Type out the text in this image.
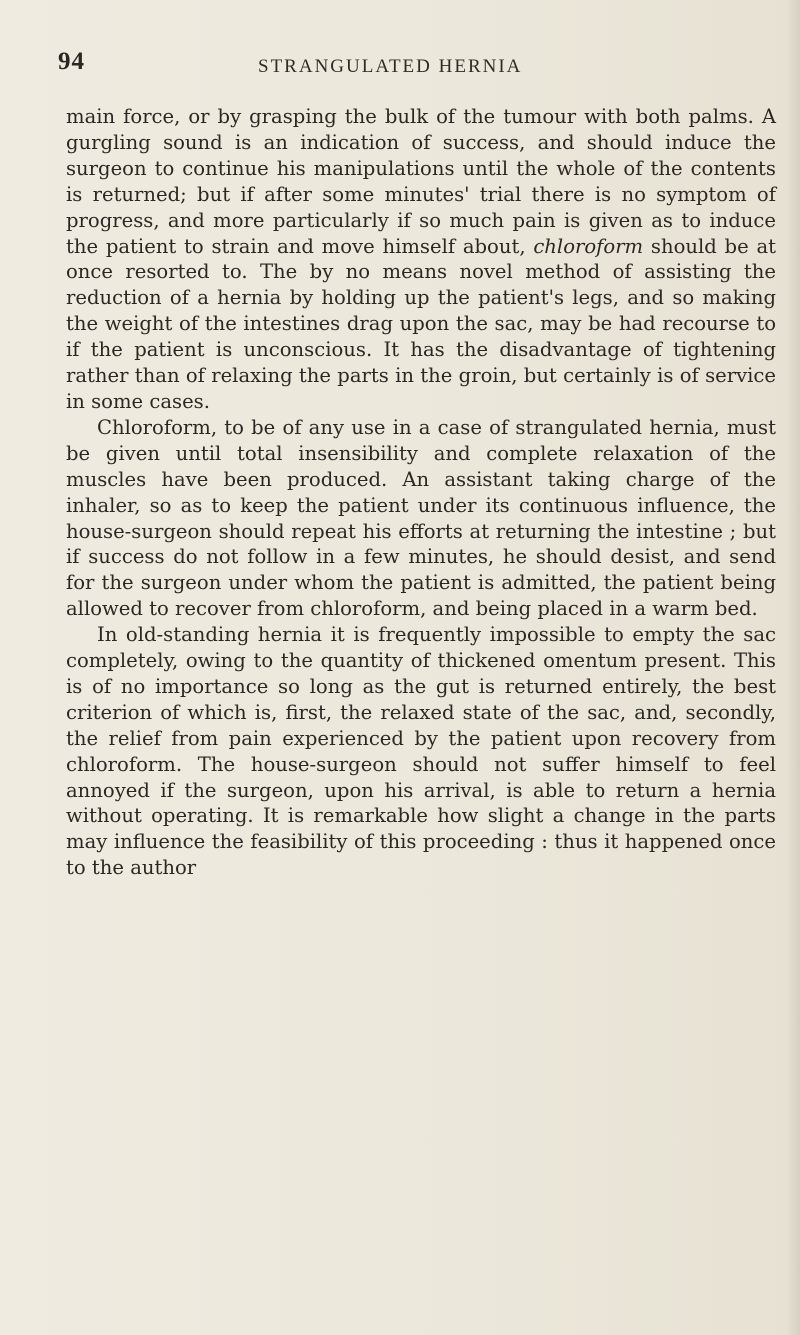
94	STRANGULATED HERNIA

main force, or by grasping the bulk of the tumour with both palms. A gurgling sound is an indication of success, and should induce the surgeon to continue his manipulations until the whole of the contents is returned; but if after some minutes' trial there is no symptom of progress, and more particularly if so much pain is given as to induce the patient to strain and move himself about, chloroform should be at once resorted to. The by no means novel method of assisting the reduction of a hernia by holding up the patient's legs, and so making the weight of the intestines drag upon the sac, may be had recourse to if the patient is unconscious. It has the disadvantage of tightening rather than of relaxing the parts in the groin, but certainly is of service in some cases.

Chloroform, to be of any use in a case of strangulated hernia, must be given until total insensibility and complete relaxation of the muscles have been produced. An assistant taking charge of the inhaler, so as to keep the patient under its continuous influence, the house-surgeon should repeat his efforts at returning the intestine ; but if success do not follow in a few minutes, he should desist, and send for the surgeon under whom the patient is admitted, the patient being allowed to recover from chloroform, and being placed in a warm bed.

In old-standing hernia it is frequently impossible to empty the sac completely, owing to the quantity of thickened omentum present. This is of no importance so long as the gut is returned entirely, the best criterion of which is, first, the relaxed state of the sac, and, secondly, the relief from pain experienced by the patient upon recovery from chloroform. The house-surgeon should not suffer himself to feel annoyed if the surgeon, upon his arrival, is able to return a hernia without operating. It is remarkable how slight a change in the parts may influence the feasibility of this proceeding : thus it happened once to the author
